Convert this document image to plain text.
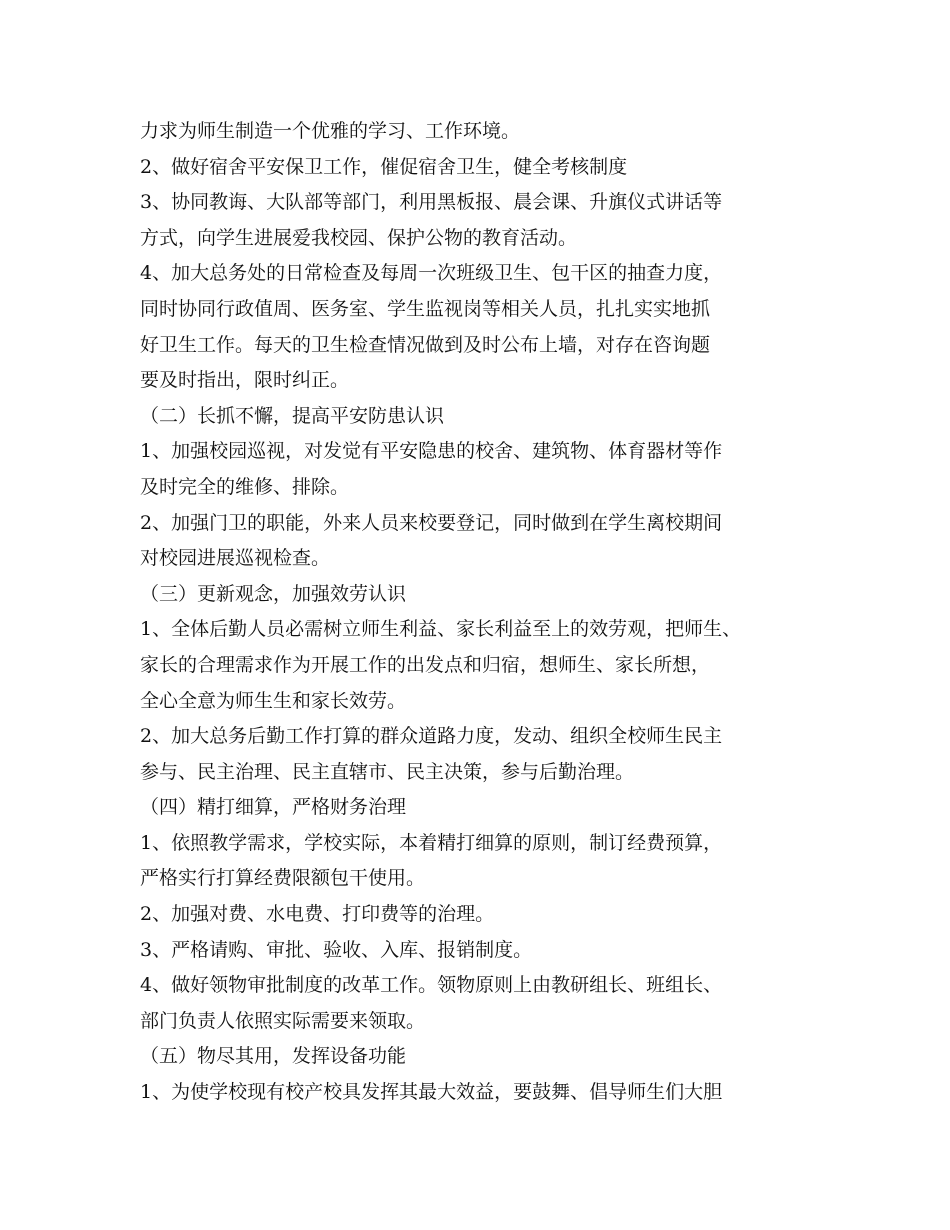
力求为师生制造一个优雅的学习、工作环境。
2、做好宿舍平安保卫工作，催促宿舍卫生，健全考核制度
3、协同教诲、大队部等部门，利用黑板报、晨会课、升旗仪式讲话等
方式，向学生进展爱我校园、保护公物的教育活动。
4、加大总务处的日常检查及每周一次班级卫生、包干区的抽查力度，
同时协同行政值周、医务室、学生监视岗等相关人员，扎扎实实地抓
好卫生工作。每天的卫生检查情况做到及时公布上墙，对存在咨询题
要及时指出，限时纠正。
（二）长抓不懈，提高平安防患认识
1、加强校园巡视，对发觉有平安隐患的校舍、建筑物、体育器材等作
及时完全的维修、排除。
2、加强门卫的职能，外来人员来校要登记，同时做到在学生离校期间
对校园进展巡视检查。
（三）更新观念，加强效劳认识
1、全体后勤人员必需树立师生利益、家长利益至上的效劳观，把师生、
家长的合理需求作为开展工作的出发点和归宿，想师生、家长所想，
全心全意为师生生和家长效劳。
2、加大总务后勤工作打算的群众道路力度，发动、组织全校师生民主
参与、民主治理、民主直辖市、民主决策，参与后勤治理。
（四）精打细算，严格财务治理
1、依照教学需求，学校实际，本着精打细算的原则，制订经费预算，
严格实行打算经费限额包干使用。
2、加强对费、水电费、打印费等的治理。
3、严格请购、审批、验收、入库、报销制度。
4、做好领物审批制度的改革工作。领物原则上由教研组长、班组长、
部门负责人依照实际需要来领取。
（五）物尽其用，发挥设备功能
1、为使学校现有校产校具发挥其最大效益，要鼓舞、倡导师生们大胆
